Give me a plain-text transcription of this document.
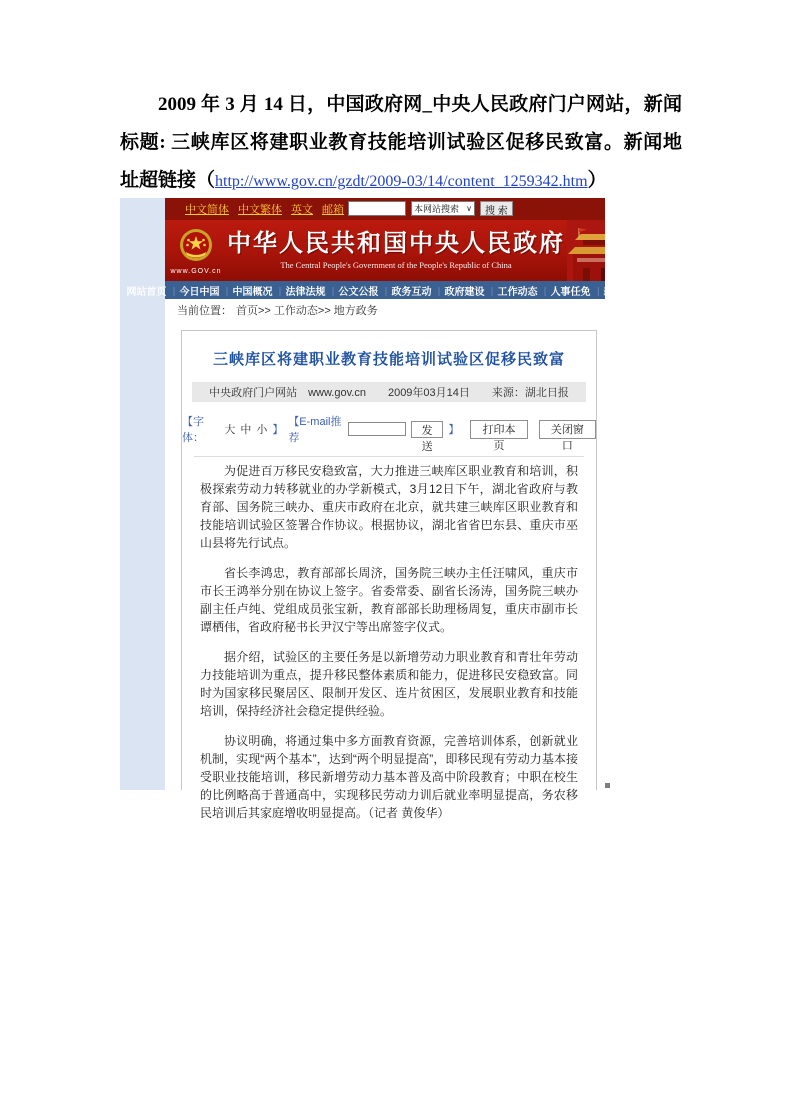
2009 年 3 月 14 日，中国政府网_中央人民政府门户网站，新闻标题: 三峡库区将建职业教育技能培训试验区促移民致富。新闻地址超链接（http://www.gov.cn/gzdt/2009-03/14/content_1259342.htm）

中文简体 中文繁体 英文 邮箱	本网站搜索 ∨	搜 索
www.GOV.cn
中华人民共和国中央人民政府
The Central People's Government of the People's Republic of China
网站首页	｜ 今日中国	｜ 中国概况	｜ 法律法规	｜ 公文公报	｜ 政务互动	｜ 政府建设	｜ 工作动态	｜ 人事任免	｜ 新闻发布
当前位置： 首页>> 工作动态>> 地方政务
三峡库区将建职业教育技能培训试验区促移民致富
中央政府门户网站　www.gov.cn 2009年03月14日 来源：湖北日报
【字体：
大 中 小 】
【E-mail推荐
发送
】	打印本页
关闭窗口

为促进百万移民安稳致富，大力推进三峡库区职业教育和培训，积极探索劳动力转移就业的办学新模式，3月12日下午，湖北省政府与教育部、国务院三峡办、重庆市政府在北京，就共建三峡库区职业教育和技能培训试验区签署合作协议。根据协议，湖北省省巴东县、重庆市巫山县将先行试点。

省长李鸿忠，教育部部长周济，国务院三峡办主任汪啸风，重庆市市长王鸿举分别在协议上签字。省委常委、副省长汤涛，国务院三峡办副主任卢纯、党组成员张宝新，教育部部长助理杨周复，重庆市副市长谭栖伟，省政府秘书长尹汉宁等出席签字仪式。

据介绍，试验区的主要任务是以新增劳动力职业教育和青壮年劳动力技能培训为重点，提升移民整体素质和能力，促进移民安稳致富。同时为国家移民聚居区、限制开发区、连片贫困区，发展职业教育和技能培训，保持经济社会稳定提供经验。

协议明确，将通过集中多方面教育资源，完善培训体系，创新就业机制，实现“两个基本”，达到“两个明显提高”，即移民现有劳动力基本接受职业技能培训，移民新增劳动力基本普及高中阶段教育；中职在校生的比例略高于普通高中，实现移民劳动力训后就业率明显提高，务农移民培训后其家庭增收明显提高。（记者 黄俊华）
